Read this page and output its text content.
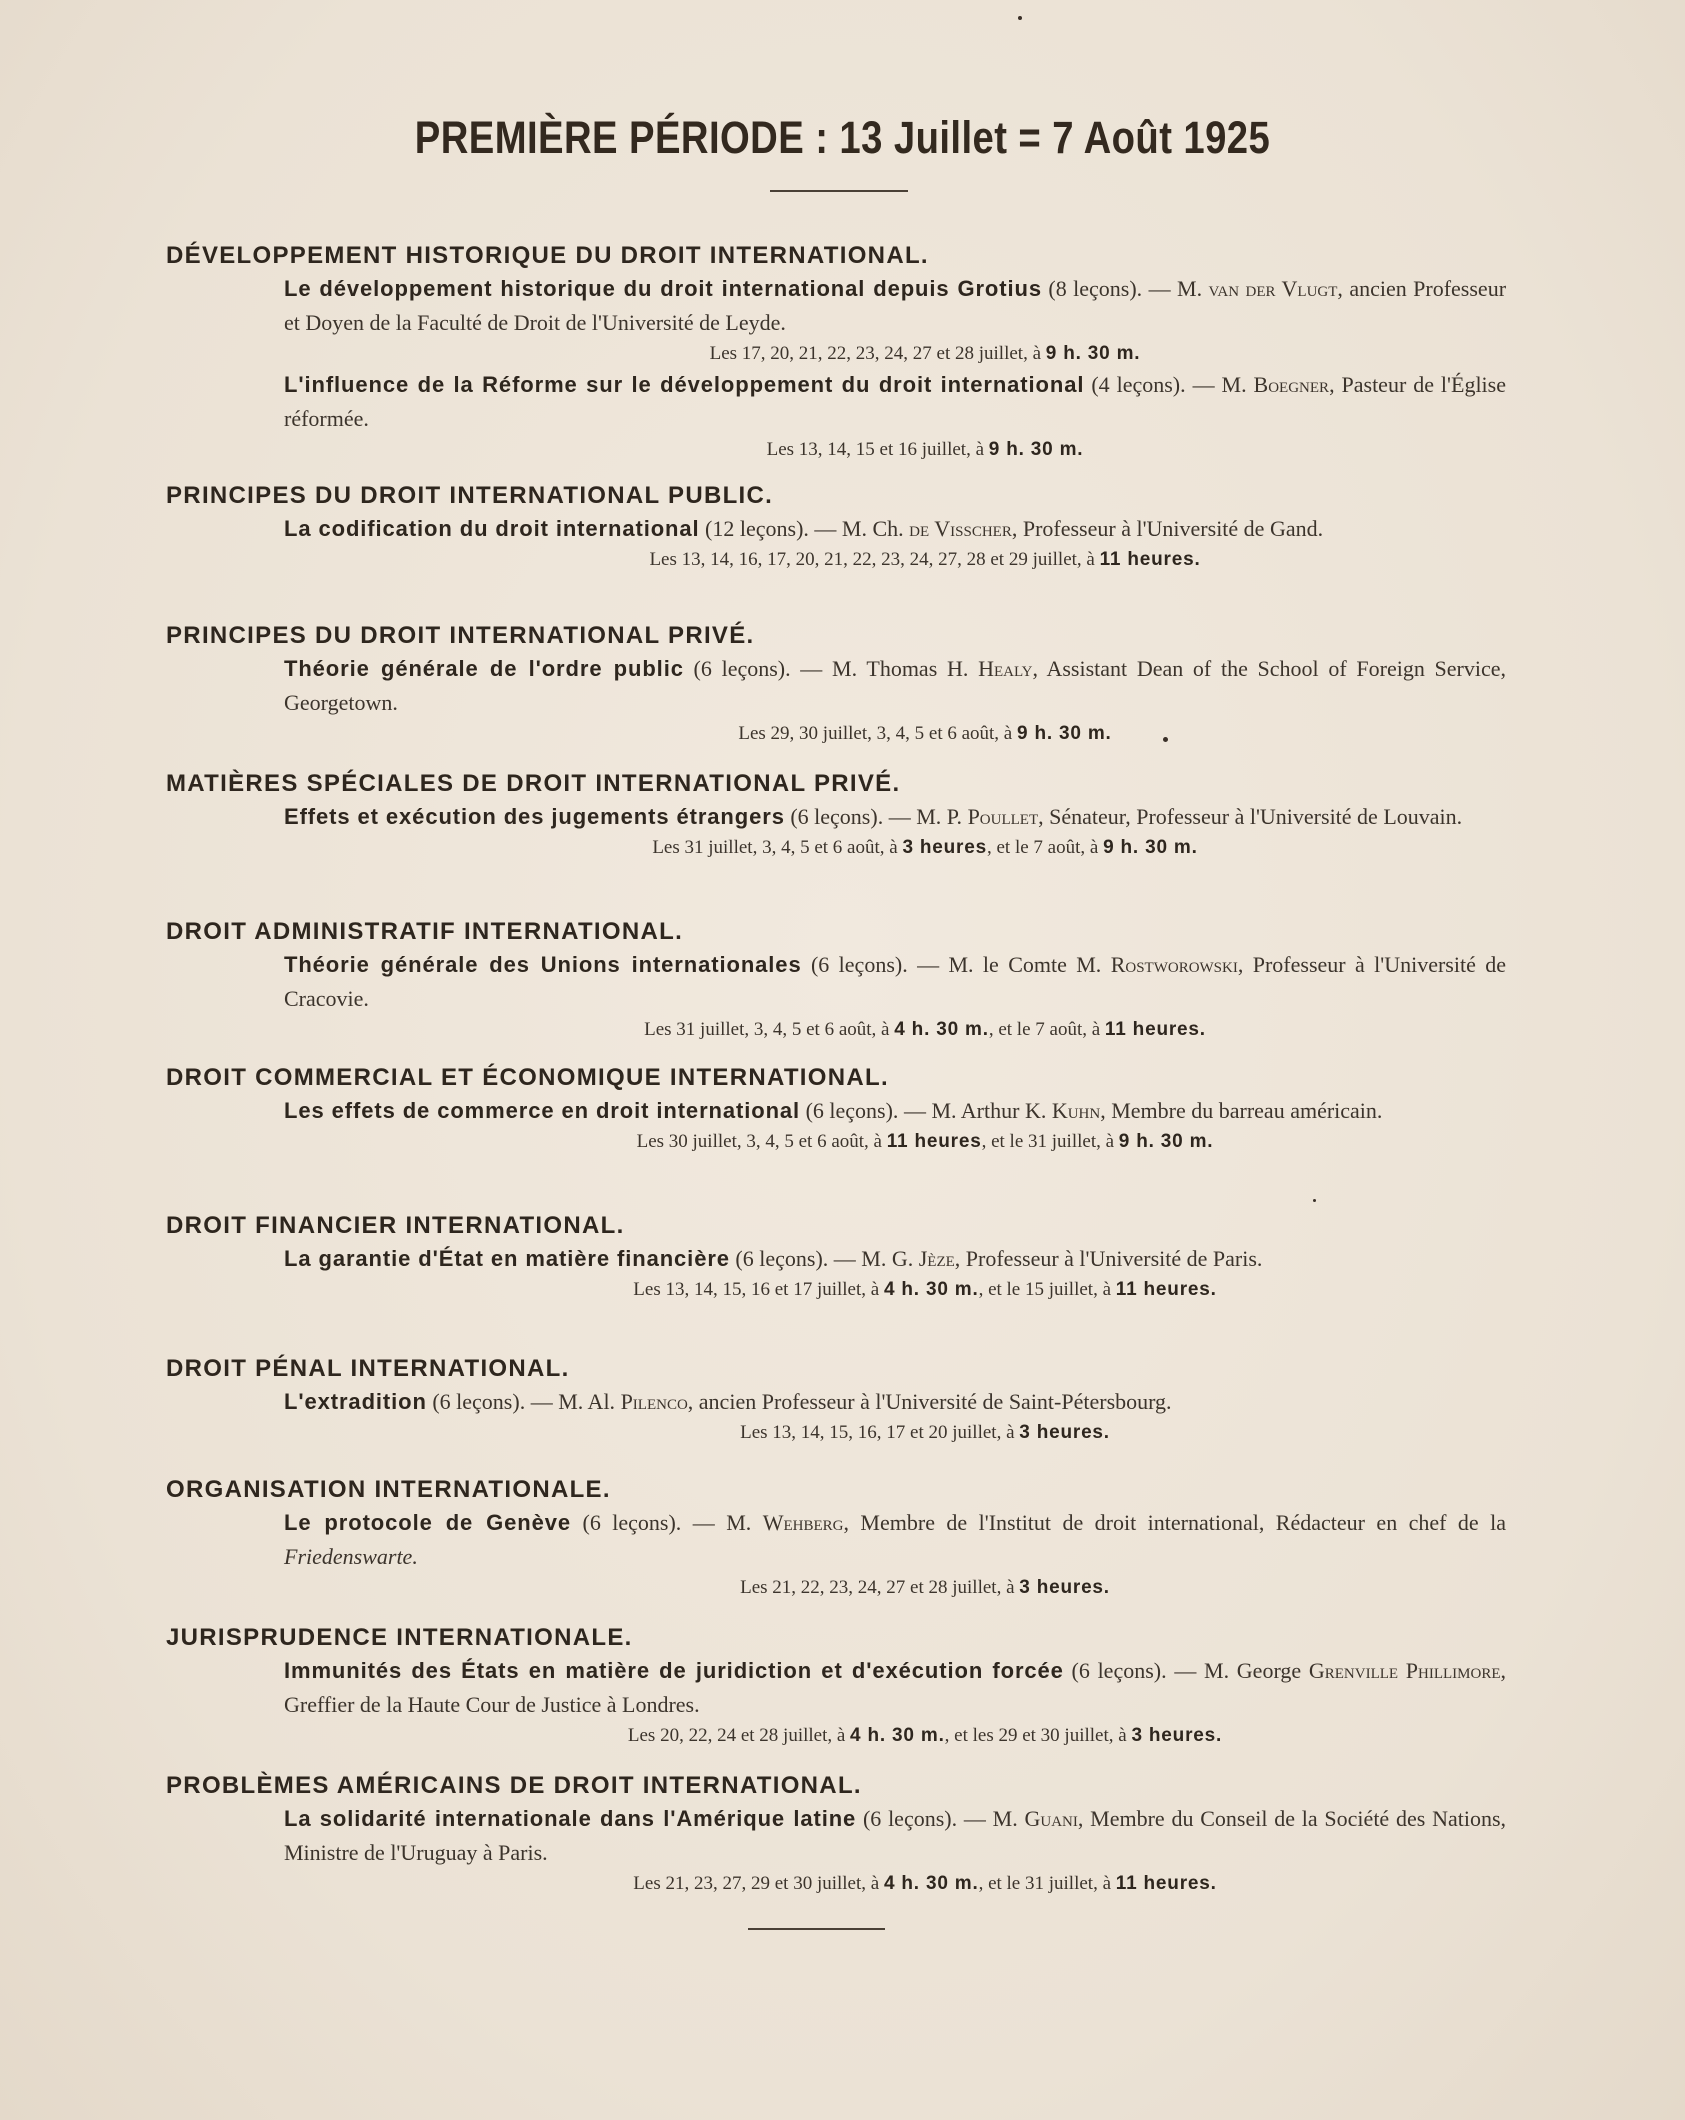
PREMIÈRE PÉRIODE : 13 Juillet = 7 Août 1925
DÉVELOPPEMENT HISTORIQUE DU DROIT INTERNATIONAL.
Le développement historique du droit international depuis Grotius (8 leçons). — M. van der Vlugt, ancien Professeur et Doyen de la Faculté de Droit de l'Université de Leyde.
Les 17, 20, 21, 22, 23, 24, 27 et 28 juillet, à 9 h. 30 m.
L'influence de la Réforme sur le développement du droit international (4 leçons). — M. Boegner, Pasteur de l'Église réformée.
Les 13, 14, 15 et 16 juillet, à 9 h. 30 m.
PRINCIPES DU DROIT INTERNATIONAL PUBLIC.
La codification du droit international (12 leçons). — M. Ch. de Visscher, Professeur à l'Université de Gand.
Les 13, 14, 16, 17, 20, 21, 22, 23, 24, 27, 28 et 29 juillet, à 11 heures.
PRINCIPES DU DROIT INTERNATIONAL PRIVÉ.
Théorie générale de l'ordre public (6 leçons). — M. Thomas H. Healy, Assistant Dean of the School of Foreign Service, Georgetown.
Les 29, 30 juillet, 3, 4, 5 et 6 août, à 9 h. 30 m.
MATIÈRES SPÉCIALES DE DROIT INTERNATIONAL PRIVÉ.
Effets et exécution des jugements étrangers (6 leçons). — M. P. Poullet, Sénateur, Professeur à l'Université de Louvain.
Les 31 juillet, 3, 4, 5 et 6 août, à 3 heures, et le 7 août, à 9 h. 30 m.
DROIT ADMINISTRATIF INTERNATIONAL.
Théorie générale des Unions internationales (6 leçons). — M. le Comte M. Rostworowski, Professeur à l'Université de Cracovie.
Les 31 juillet, 3, 4, 5 et 6 août, à 4 h. 30 m., et le 7 août, à 11 heures.
DROIT COMMERCIAL ET ÉCONOMIQUE INTERNATIONAL.
Les effets de commerce en droit international (6 leçons). — M. Arthur K. Kuhn, Membre du barreau américain.
Les 30 juillet, 3, 4, 5 et 6 août, à 11 heures, et le 31 juillet, à 9 h. 30 m.
DROIT FINANCIER INTERNATIONAL.
La garantie d'État en matière financière (6 leçons). — M. G. Jèze, Professeur à l'Université de Paris.
Les 13, 14, 15, 16 et 17 juillet, à 4 h. 30 m., et le 15 juillet, à 11 heures.
DROIT PÉNAL INTERNATIONAL.
L'extradition (6 leçons). — M. Al. Pilenco, ancien Professeur à l'Université de Saint-Pétersbourg.
Les 13, 14, 15, 16, 17 et 20 juillet, à 3 heures.
ORGANISATION INTERNATIONALE.
Le protocole de Genève (6 leçons). — M. Wehberg, Membre de l'Institut de droit international, Rédacteur en chef de la Friedenswarte.
Les 21, 22, 23, 24, 27 et 28 juillet, à 3 heures.
JURISPRUDENCE INTERNATIONALE.
Immunités des États en matière de juridiction et d'exécution forcée (6 leçons). — M. George Grenville Phillimore, Greffier de la Haute Cour de Justice à Londres.
Les 20, 22, 24 et 28 juillet, à 4 h. 30 m., et les 29 et 30 juillet, à 3 heures.
PROBLÈMES AMÉRICAINS DE DROIT INTERNATIONAL.
La solidarité internationale dans l'Amérique latine (6 leçons). — M. Guani, Membre du Conseil de la Société des Nations, Ministre de l'Uruguay à Paris.
Les 21, 23, 27, 29 et 30 juillet, à 4 h. 30 m., et le 31 juillet, à 11 heures.
